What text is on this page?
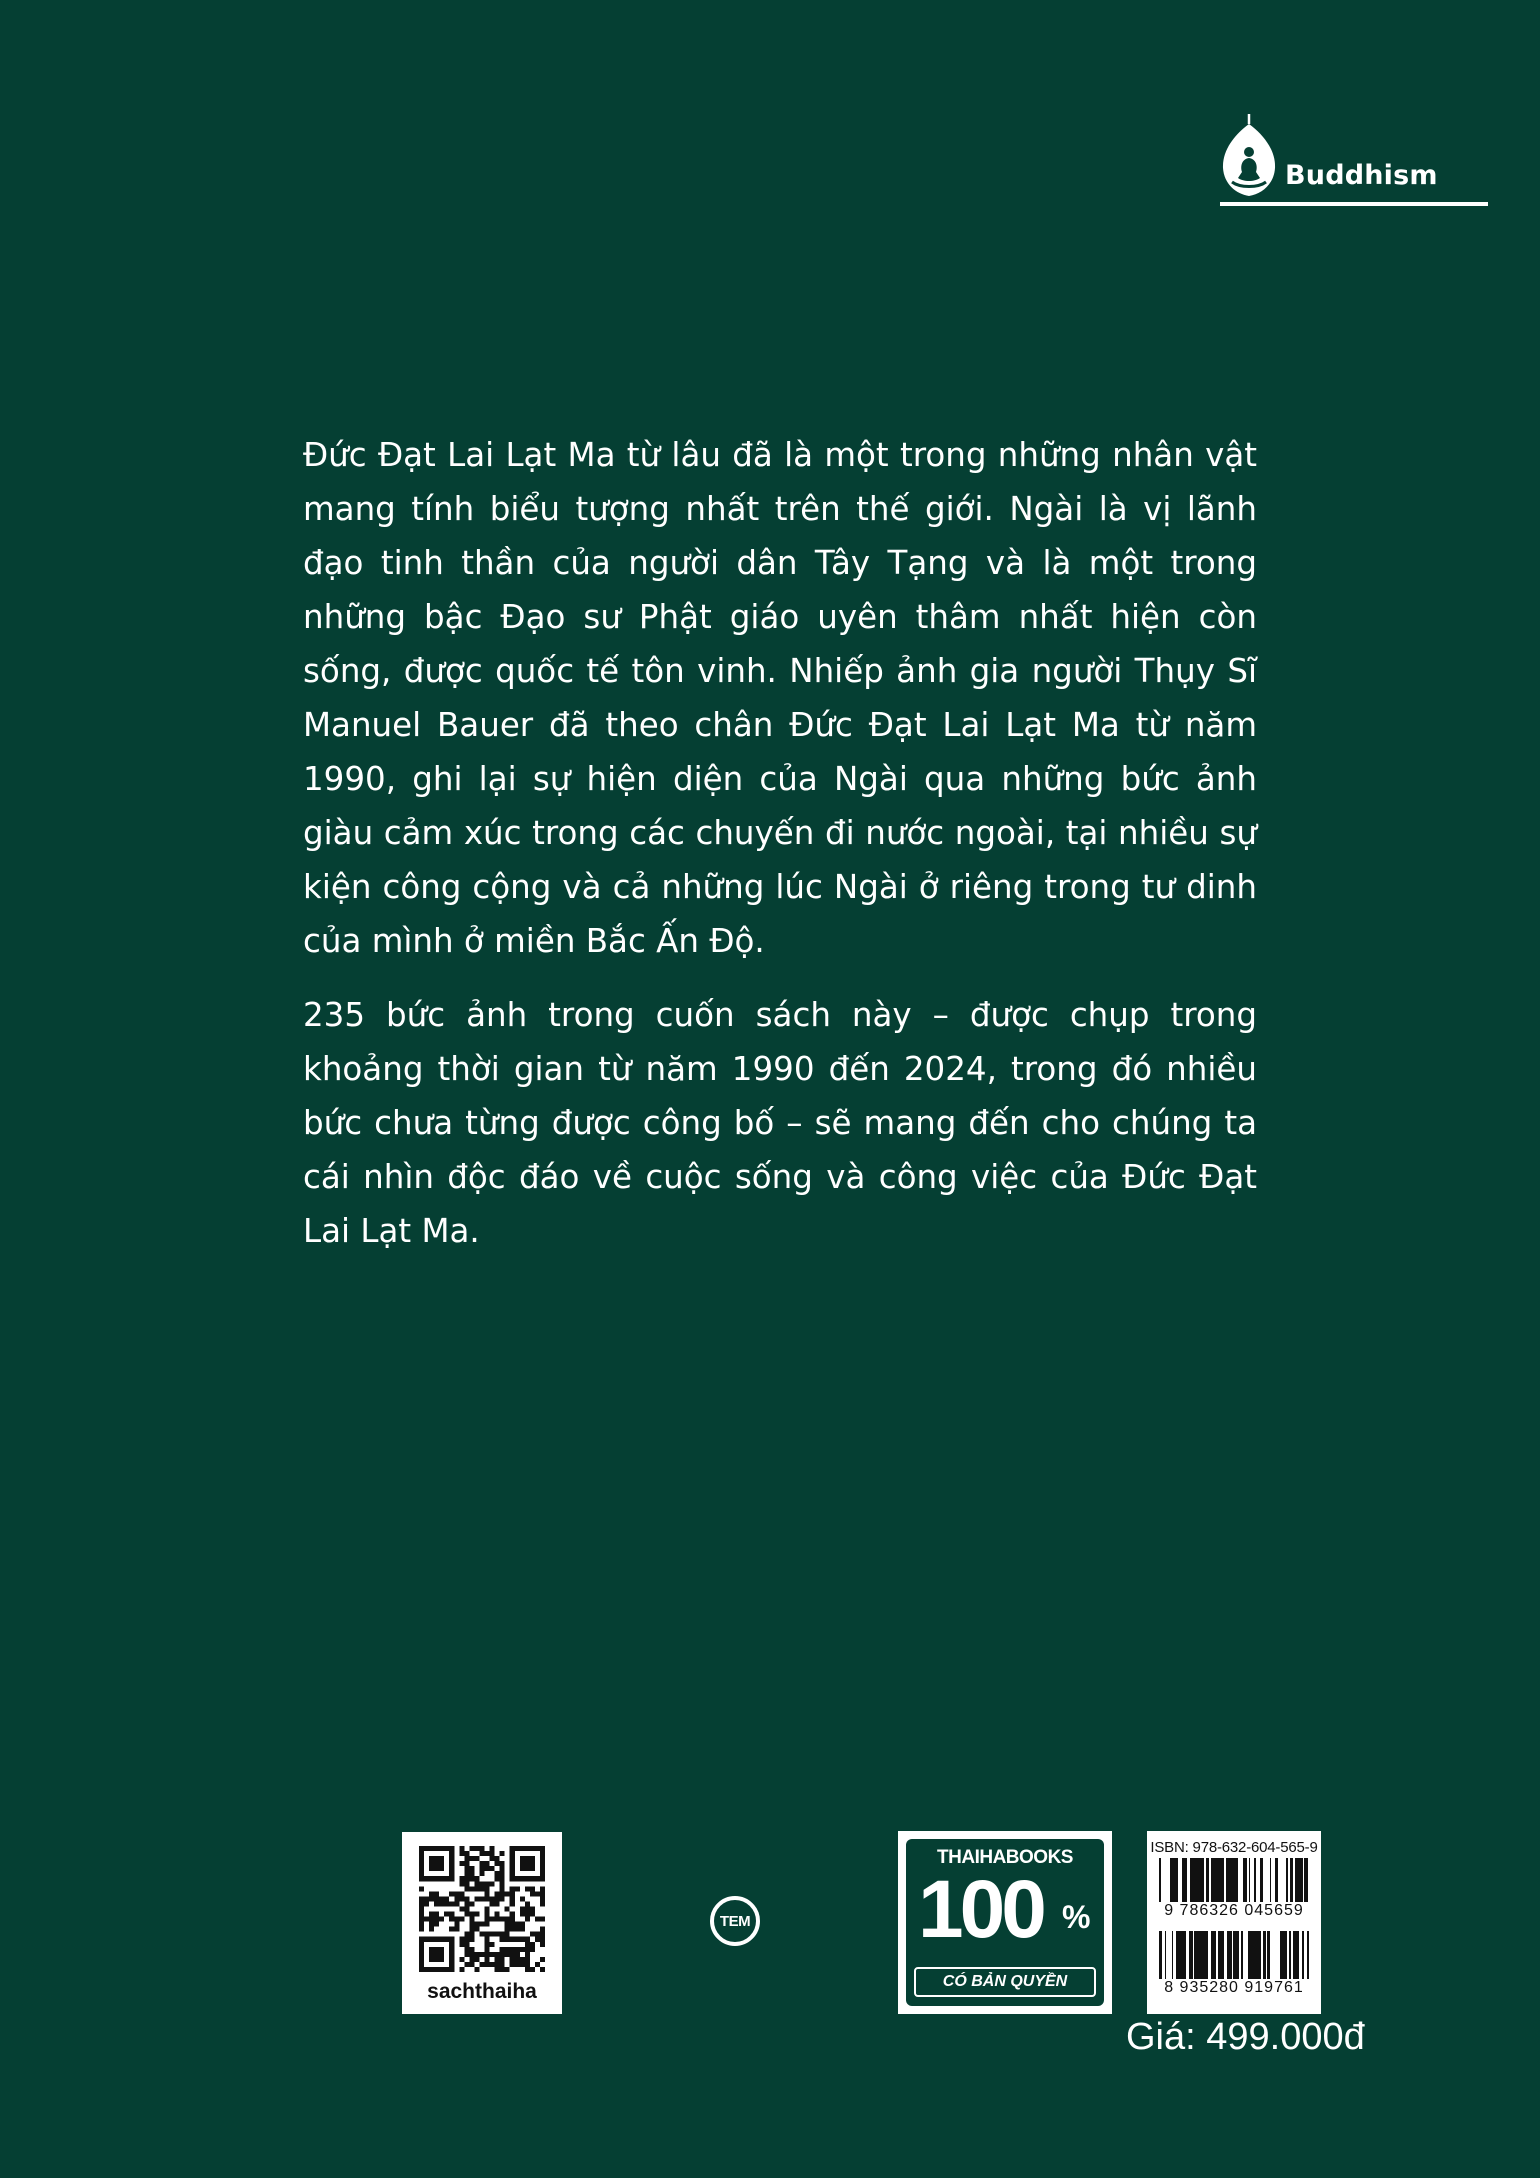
Buddhism

Đức Đạt Lai Lạt Ma từ lâu đã là một trong những nhân vật mang tính biểu tượng nhất trên thế giới. Ngài là vị lãnh đạo tinh thần của người dân Tây Tạng và là một trong những bậc Đạo sư Phật giáo uyên thâm nhất hiện còn sống, được quốc tế tôn vinh. Nhiếp ảnh gia người Thụy Sĩ Manuel Bauer đã theo chân Đức Đạt Lai Lạt Ma từ năm 1990, ghi lại sự hiện diện của Ngài qua những bức ảnh giàu cảm xúc trong các chuyến đi nước ngoài, tại nhiều sự kiện công cộng và cả những lúc Ngài ở riêng trong tư dinh của mình ở miền Bắc Ấn Độ.

235 bức ảnh trong cuốn sách này – được chụp trong khoảng thời gian từ năm 1990 đến 2024, trong đó nhiều bức chưa từng được công bố – sẽ mang đến cho chúng ta cái nhìn độc đáo về cuộc sống và công việc của Đức Đạt Lai Lạt Ma.

sachthaiha
TEM
THAIHABOOKS
100 %
CÓ BẢN QUYỀN
ISBN: 978-632-604-565-9
9 786326 045659
8 935280 919761
Giá: 499.000đ
